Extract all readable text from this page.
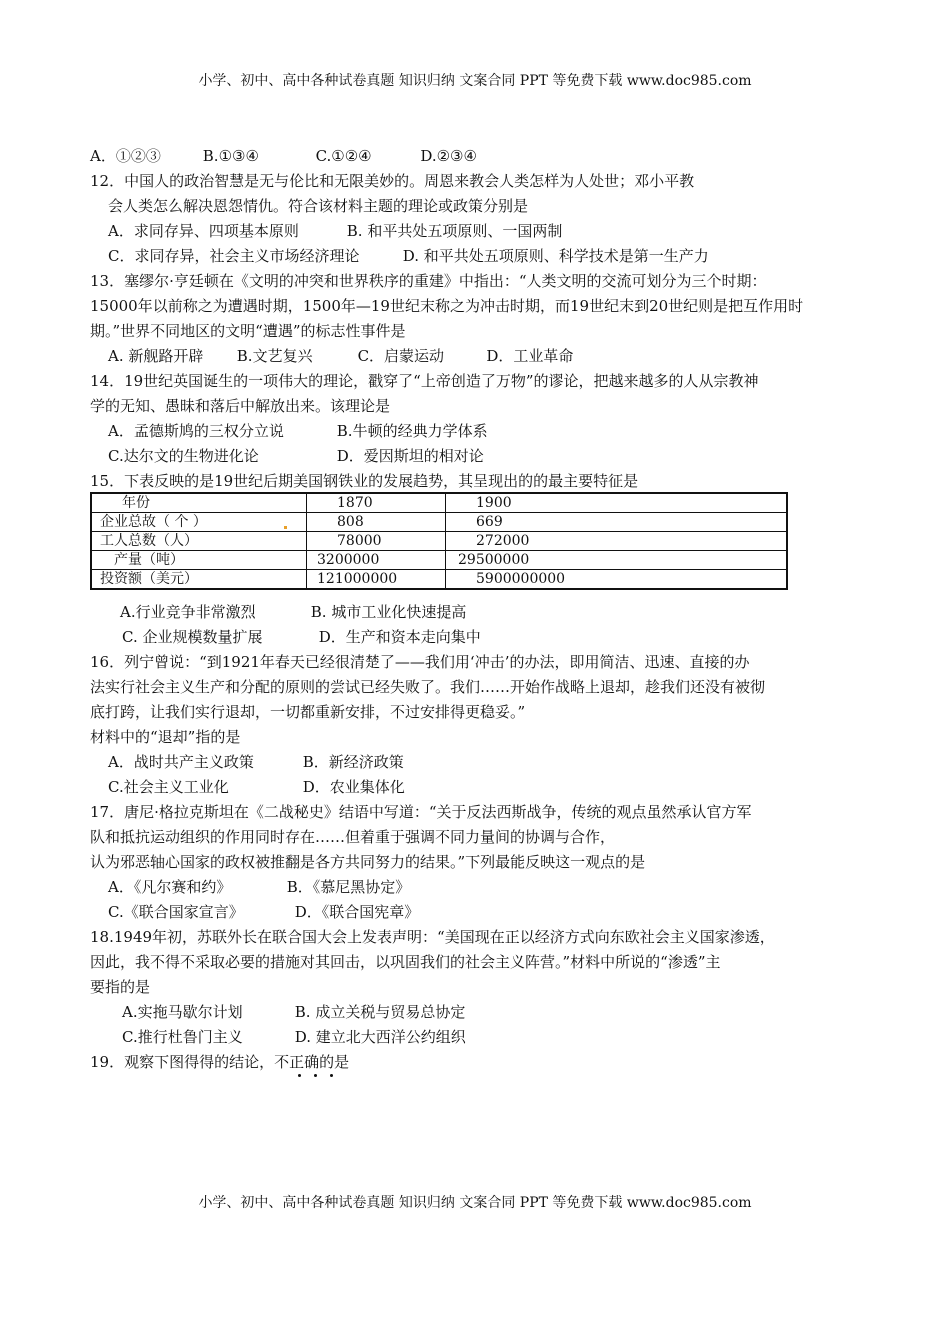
小学、初中、高中各种试卷真题 知识归纳 文案合同 PPT 等免费下载 www.doc985.com
A．①②③	B.①③④	C.①②④	D.②③④
12．中国人的政治智慧是无与伦比和无限美妙的。周恩来教会人类怎样为人处世；邓小平教
会人类怎么解决恩怨情仇。符合该材料主题的理论或政策分别是
A．求同存异、四项基本原则	B. 和平共处五项原则、一国两制
C．求同存异，社会主义市场经济理论	D. 和平共处五项原则、科学技术是第一生产力
13．塞缪尔·亨廷顿在《文明的冲突和世界秩序的重建》中指出：“人类文明的交流可划分为三个时期：
15000年以前称之为遭遇时期，1500年—19世纪末称之为冲击时期，而19世纪末到20世纪则是把互作用时
期。”世界不同地区的文明“遭遇”的标志性事件是
A. 新舰路开辟 B.文艺复兴	C．启蒙运动	D．工业革命
14．19世纪英国诞生的一项伟大的理论，戳穿了“上帝创造了万物”的谬论，把越来越多的人从宗教神
学的无知、愚昧和落后中解放出来。该理论是
A．孟德斯鸠的三权分立说	B.牛顿的经典力学体系
C.达尔文的生物进化论	D．爱因斯坦的相对论
15．下表反映的是19世纪后期美国钢铁业的发展趋势，其呈现出的的最主要特征是
年份	1870	1900
企业总故（ 个 ）	808	669
工人总数（人）	78000	272000
产量（吨）	3200000	29500000
投资额（美元）	121000000	5900000000
A.行业竞争非常激烈	B. 城市工业化快速提高
C. 企业规模数量扩展	D．生产和资本走向集中
16．列宁曾说：“到1921年春天已经很清楚了——我们用‘冲击’的办法，即用简洁、迅速、直接的办
法实行社会主义生产和分配的原则的尝试已经失败了。我们……开始作战略上退却，趁我们还没有被彻
底打跨，让我们实行退却，一切都重新安排，不过安排得更稳妥。”
材料中的“退却”指的是
A．战时共产主义政策	B．新经济政策
C.社会主义工业化	D．农业集体化
17．唐尼·格拉克斯坦在《二战秘史》结语中写道：“关于反法西斯战争，传统的观点虽然承认官方军
队和抵抗运动组织的作用同时存在……但着重于强调不同力量间的协调与合作，
认为邪恶轴心国家的政权被推翻是各方共同努力的结果。”下列最能反映这一观点的是
A．《凡尔赛和约》	B．《慕尼黑协定》
C.《联合国家宣言》	D．《联合国宪章》
18.1949年初，苏联外长在联合国大会上发表声明：“美国现在正以经济方式向东欧社会主义国家渗透，
因此，我不得不采取必要的措施对其回击，以巩固我们的社会主义阵营。”材料中所说的“渗透”主
要指的是
A.实拖马歇尔计划	B. 成立关税与贸易总协定
C.推行杜鲁门主义	D. 建立北大西洋公约组织
19．观察下图得得的结论，不正确的是
小学、初中、高中各种试卷真题 知识归纳 文案合同 PPT 等免费下载 www.doc985.com
